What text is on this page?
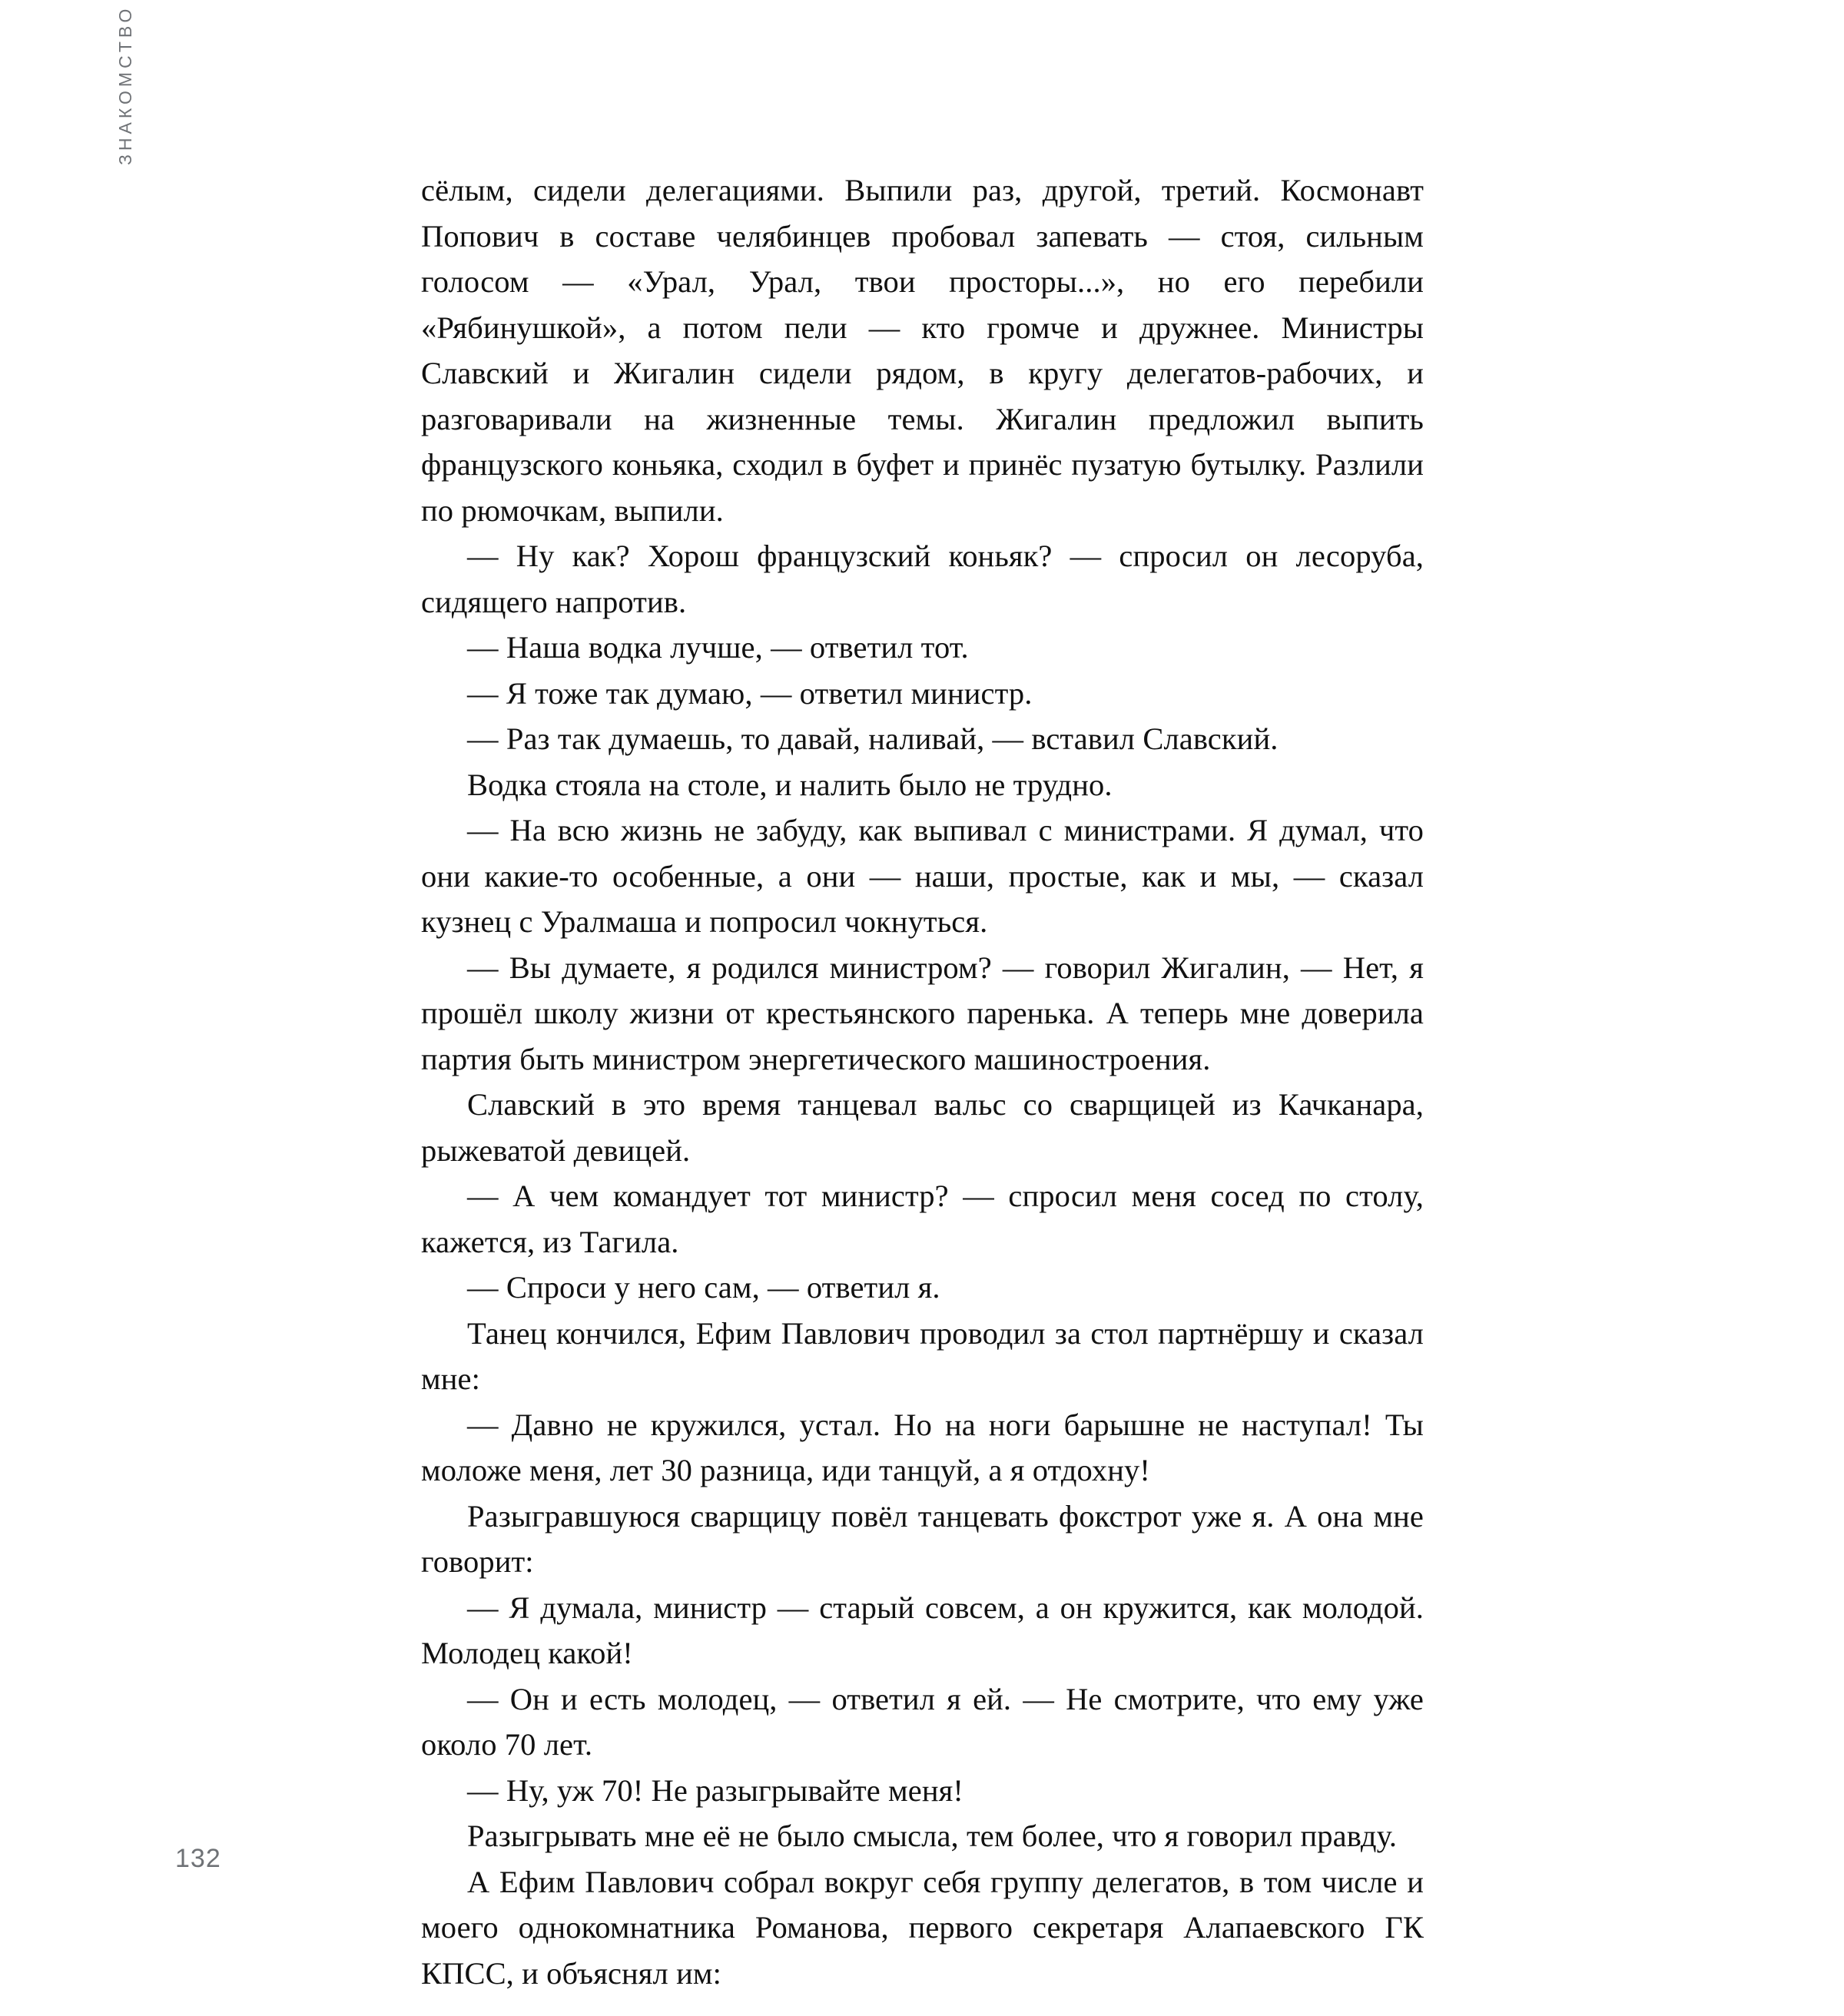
ЗНАКОМСТВО
132

сёлым, сидели делегациями. Выпили раз, другой, третий. Космонавт Попович в составе челябинцев пробовал запевать — стоя, сильным голосом — «Урал, Урал, твои просторы...», но его перебили «Рябинушкой», а потом пели — кто громче и дружнее. Министры Славский и Жигалин сидели рядом, в кругу делегатов-рабочих, и разговаривали на жизненные темы. Жигалин предложил выпить французского коньяка, сходил в буфет и принёс пузатую бутылку. Разлили по рюмочкам, выпили.

— Ну как? Хорош французский коньяк? — спросил он лесоруба, сидящего напротив.

— Наша водка лучше, — ответил тот.

— Я тоже так думаю, — ответил министр.

— Раз так думаешь, то давай, наливай, — вставил Славский.

Водка стояла на столе, и налить было не трудно.

— На всю жизнь не забуду, как выпивал с министрами. Я думал, что они какие-то особенные, а они — наши, простые, как и мы, — сказал кузнец с Уралмаша и попросил чокнуться.

— Вы думаете, я родился министром? — говорил Жигалин, — Нет, я прошёл школу жизни от крестьянского паренька. А теперь мне доверила партия быть министром энергетического машиностроения.

Славский в это время танцевал вальс со сварщицей из Качканара, рыжеватой девицей.

— А чем командует тот министр? — спросил меня сосед по столу, кажется, из Тагила.

— Спроси у него сам, — ответил я.

Танец кончился, Ефим Павлович проводил за стол партнёршу и сказал мне:

— Давно не кружился, устал. Но на ноги барышне не наступал! Ты моложе меня, лет 30 разница, иди танцуй, а я отдохну!

Разыгравшуюся сварщицу повёл танцевать фокстрот уже я. А она мне говорит:

— Я думала, министр — старый совсем, а он кружится, как молодой. Молодец какой!

— Он и есть молодец, — ответил я ей. — Не смотрите, что ему уже около 70 лет.

— Ну, уж 70! Не разыгрывайте меня!

Разыгрывать мне её не было смысла, тем более, что я говорил правду.

А Ефим Павлович собрал вокруг себя группу делегатов, в том числе и моего однокомнатника Романова, первого секретаря Алапаевского ГК КПСС, и объяснял им:
